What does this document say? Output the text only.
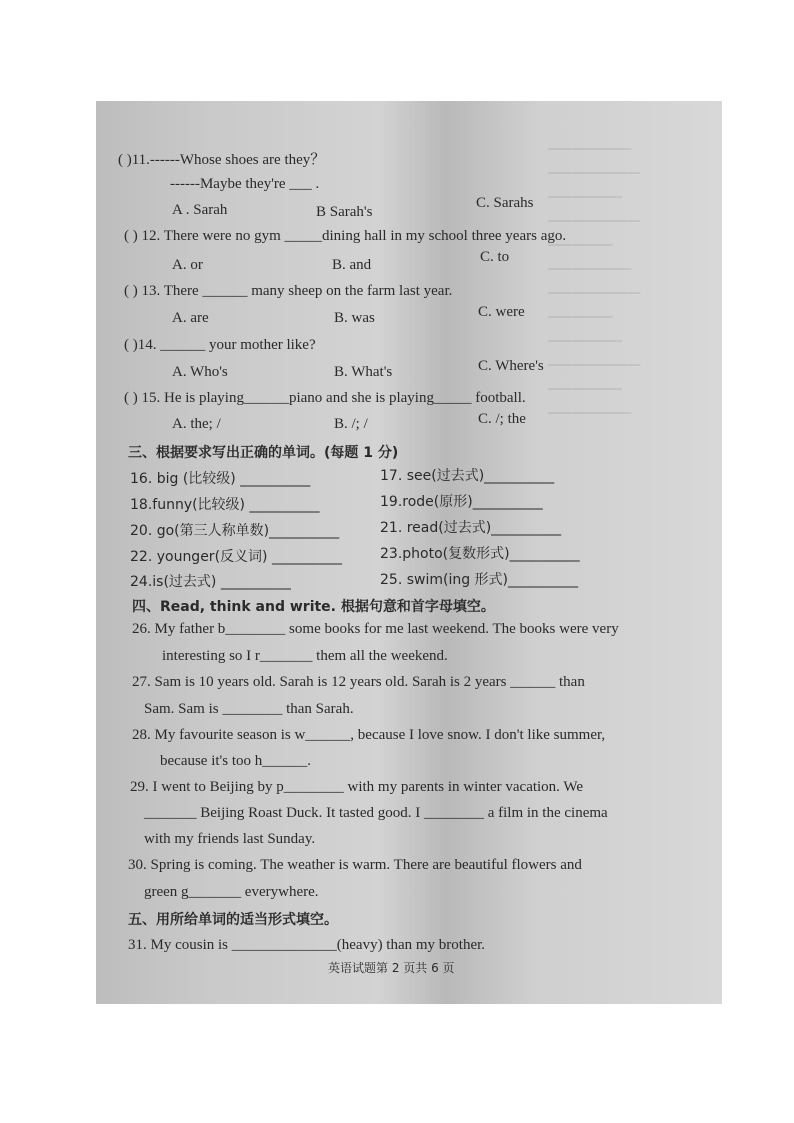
▁▁▁▁▁▁▁▁▁
▁▁▁▁▁▁▁▁▁▁
▁▁▁▁▁▁▁▁
▁▁▁▁▁▁▁▁▁▁
▁▁▁▁▁▁▁
▁▁▁▁▁▁▁▁▁
▁▁▁▁▁▁▁▁▁▁
▁▁▁▁▁▁▁
▁▁▁▁▁▁▁▁
▁▁▁▁▁▁▁▁▁▁
▁▁▁▁▁▁▁▁
▁▁▁▁▁▁▁▁▁
( )11.------Whose shoes are they？
------Maybe they're ___ .
A . Sarah	B Sarah's
C. Sarahs
( ) 12. There were no gym _____dining hall in my school three years ago.
A. or	B. and	C. to
( ) 13. There ______ many sheep on the farm last year.
A. are	B. was	C. were
( )14. ______ your mother like?
A. Who's	B. What's	C. Where's
( ) 15. He is playing______piano and she is playing_____ football.
A. the; /	B. /; /	C. /; the
三、根据要求写出正确的单词。(每题 1 分)
16. big (比较级) __________	17. see(过去式)__________
18.funny(比较级) __________	19.rode(原形)__________
20. go(第三人称单数)__________	21. read(过去式)__________
22. younger(反义词) __________	23.photo(复数形式)__________
24.is(过去式) __________	25. swim(ing 形式)__________
四、Read, think and write. 根据句意和首字母填空。
26. My father b________ some books for me last weekend. The books were very
interesting so I r_______ them all the weekend.
27. Sam is 10 years old. Sarah is 12 years old. Sarah is 2 years ______ than
Sam. Sam is ________ than Sarah.
28. My favourite season is w______, because I love snow. I don't like summer,
because it's too h______.
29. I went to Beijing by p________ with my parents in winter vacation. We
_______ Beijing Roast Duck. It tasted good. I ________ a film in the cinema
with my friends last Sunday.
30. Spring is coming. The weather is warm. There are beautiful flowers and
green g_______ everywhere.
五、用所给单词的适当形式填空。
31. My cousin is ______________(heavy) than my brother.
英语试题第 2 页共 6 页
